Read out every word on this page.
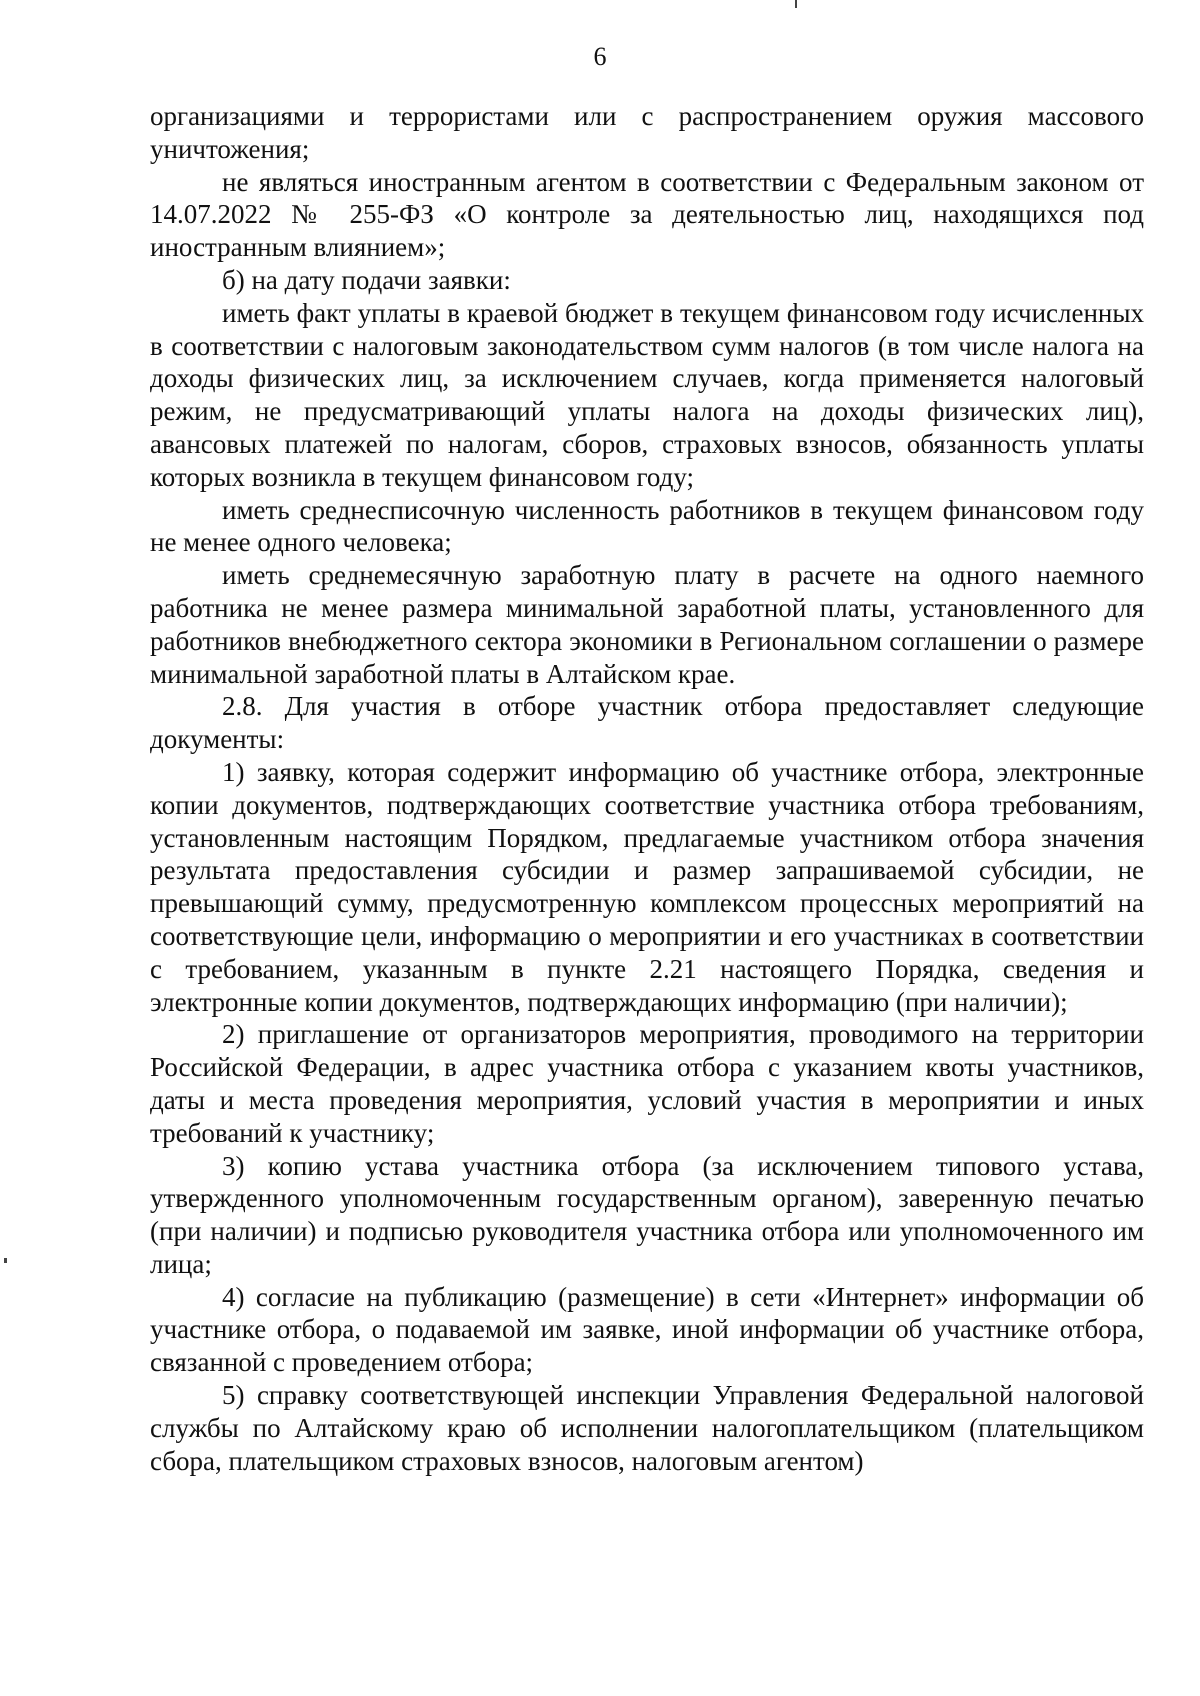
6

организациями и террористами или с распространением оружия массового уничтожения;

не являться иностранным агентом в соответствии с Федеральным законом от 14.07.2022 № 255-ФЗ «О контроле за деятельностью лиц, находящихся под иностранным влиянием»;

б) на дату подачи заявки:

иметь факт уплаты в краевой бюджет в текущем финансовом году исчисленных в соответствии с налоговым законодательством сумм налогов (в том числе налога на доходы физических лиц, за исключением случаев, когда применяется налоговый режим, не предусматривающий уплаты налога на доходы физических лиц), авансовых платежей по налогам, сборов, страховых взносов, обязанность уплаты которых возникла в текущем финансовом году;

иметь среднесписочную численность работников в текущем финансовом году не менее одного человека;

иметь среднемесячную заработную плату в расчете на одного наемного работника не менее размера минимальной заработной платы, установленного для работников внебюджетного сектора экономики в Региональном соглашении о размере минимальной заработной платы в Алтайском крае.

2.8. Для участия в отборе участник отбора предоставляет следующие документы:

1) заявку, которая содержит информацию об участнике отбора, электронные копии документов, подтверждающих соответствие участника отбора требованиям, установленным настоящим Порядком, предлагаемые участником отбора значения результата предоставления субсидии и размер запрашиваемой субсидии, не превышающий сумму, предусмотренную комплексом процессных мероприятий на соответствующие цели, информацию о мероприятии и его участниках в соответствии с требованием, указанным в пункте 2.21 настоящего Порядка, сведения и электронные копии документов, подтверждающих информацию (при наличии);

2) приглашение от организаторов мероприятия, проводимого на территории Российской Федерации, в адрес участника отбора с указанием квоты участников, даты и места проведения мероприятия, условий участия в мероприятии и иных требований к участнику;

3) копию устава участника отбора (за исключением типового устава, утвержденного уполномоченным государственным органом), заверенную печатью (при наличии) и подписью руководителя участника отбора или уполномоченного им лица;

4) согласие на публикацию (размещение) в сети «Интернет» информации об участнике отбора, о подаваемой им заявке, иной информации об участнике отбора, связанной с проведением отбора;

5) справку соответствующей инспекции Управления Федеральной налоговой службы по Алтайскому краю об исполнении налогоплательщиком (плательщиком сбора, плательщиком страховых взносов, налоговым агентом)
